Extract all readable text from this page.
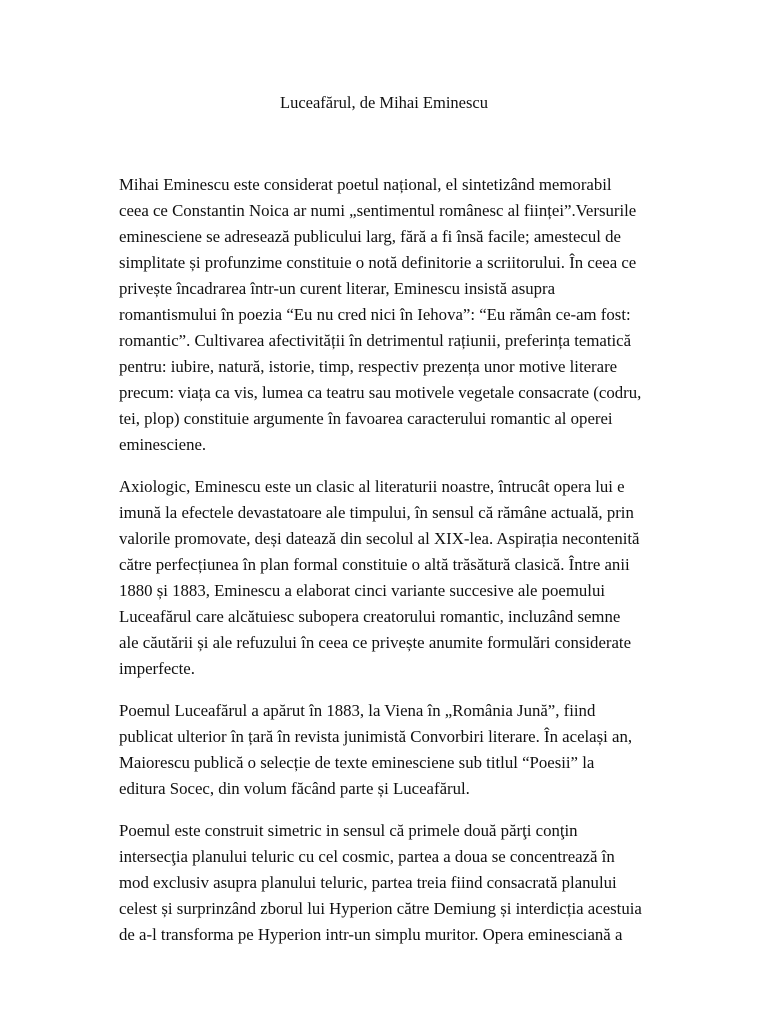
Luceafărul, de Mihai Eminescu

Mihai Eminescu este considerat poetul național, el sintetizând memorabil
ceea ce Constantin Noica ar numi „sentimentul românesc al ființei”.Versurile
eminesciene se adresează publicului larg, fără a fi însă facile; amestecul de
simplitate și profunzime constituie o notă definitorie a scriitorului. În ceea ce
privește încadrarea într-un curent literar, Eminescu insistă asupra
romantismului în poezia “Eu nu cred nici în Iehova”: “Eu rămân ce-am fost:
romantic”. Cultivarea afectivității în detrimentul rațiunii, preferința tematică
pentru: iubire, natură, istorie, timp, respectiv prezența unor motive literare
precum: viața ca vis, lumea ca teatru sau motivele vegetale consacrate (codru,
tei, plop) constituie argumente în favoarea caracterului romantic al operei
eminesciene.

Axiologic, Eminescu este un clasic al literaturii noastre, întrucât opera lui e
imună la efectele devastatoare ale timpului, în sensul că rămâne actuală, prin
valorile promovate, deși datează din secolul al XIX-lea. Aspirația necontenită
către perfecțiunea în plan formal constituie o altă trăsătură clasică. Între anii
1880 și 1883, Eminescu a elaborat cinci variante succesive ale poemului
Luceafărul care alcătuiesc subopera creatorului romantic, incluzând semne
ale căutării și ale refuzului în ceea ce privește anumite formulări considerate
imperfecte.

Poemul Luceafărul a apărut în 1883, la Viena în „România Jună”, fiind
publicat ulterior în țară în revista junimistă Convorbiri literare. În același an,
Maiorescu publică o selecție de texte eminesciene sub titlul “Poesii” la
editura Socec, din volum făcând parte și Luceafărul.

Poemul este construit simetric in sensul că primele două părţi conţin
intersecţia planului teluric cu cel cosmic, partea a doua se concentrează în
mod exclusiv asupra planului teluric, partea treia fiind consacrată planului
celest și surprinzând zborul lui Hyperion către Demiung și interdicția acestuia
de a-l transforma pe Hyperion intr-un simplu muritor. Opera eminesciană a
